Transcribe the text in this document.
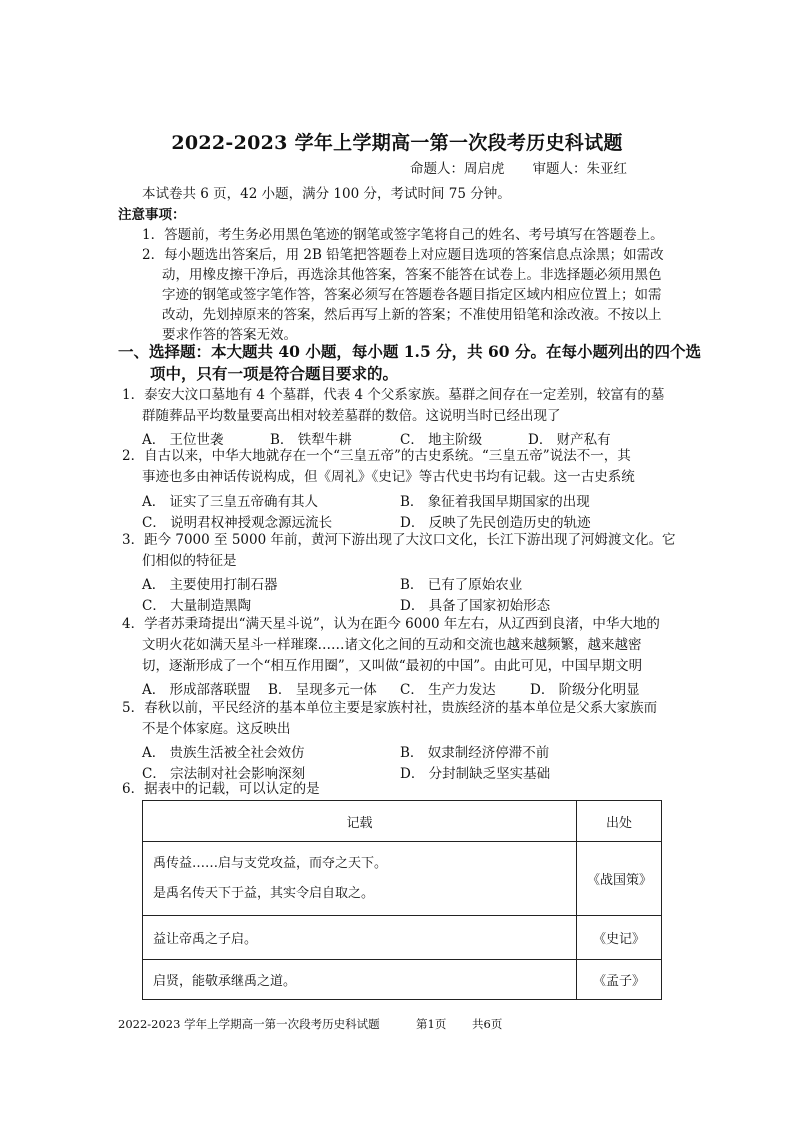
2022-2023 学年上学期高一第一次段考历史科试题
命题人：周启虎 审题人：朱亚红
本试卷共 6 页，42 小题，满分 100 分，考试时间 75 分钟。
注意事项：
1．答题前，考生务必用黑色笔迹的钢笔或签字笔将自己的姓名、考号填写在答题卷上。
2．每小题选出答案后，用 2B 铅笔把答题卷上对应题目选项的答案信息点涂黑；如需改
动，用橡皮擦干净后，再选涂其他答案，答案不能答在试卷上。非选择题必须用黑色
字迹的钢笔或签字笔作答，答案必须写在答题卷各题目指定区域内相应位置上；如需
改动，先划掉原来的答案，然后再写上新的答案；不准使用铅笔和涂改液。不按以上
要求作答的答案无效。
一、选择题：本大题共 40 小题，每小题 1.5 分，共 60 分。在每小题列出的四个选
项中，只有一项是符合题目要求的。
1．泰安大汶口墓地有 4 个墓群，代表 4 个父系家族。墓群之间存在一定差别，较富有的墓
群随葬品平均数量要高出相对较差墓群的数倍。这说明当时已经出现了
A． 王位世袭	B． 铁犁牛耕	C． 地主阶级	D． 财产私有
2．自古以来，中华大地就存在一个“三皇五帝”的古史系统。“三皇五帝”说法不一，其
事迹也多由神话传说构成，但《周礼》《史记》等古代史书均有记载。这一古史系统
A． 证实了三皇五帝确有其人	B． 象征着我国早期国家的出现
C． 说明君权神授观念源远流长	D． 反映了先民创造历史的轨迹
3．距今 7000 至 5000 年前，黄河下游出现了大汶口文化，长江下游出现了河姆渡文化。它
们相似的特征是
A． 主要使用打制石器	B． 已有了原始农业
C． 大量制造黑陶	D． 具备了国家初始形态
4．学者苏秉琦提出“满天星斗说”，认为在距今 6000 年左右，从辽西到良渚，中华大地的
文明火花如满天星斗一样璀璨……诸文化之间的互动和交流也越来越频繁，越来越密
切，逐渐形成了一个“相互作用圈”，又叫做“最初的中国”。由此可见，中国早期文明
A． 形成部落联盟 B． 呈现多元一体 C． 生产力发达	D． 阶级分化明显
5．春秋以前，平民经济的基本单位主要是家族村社，贵族经济的基本单位是父系大家族而
不是个体家庭。这反映出
A． 贵族生活被全社会效仿	B． 奴隶制经济停滞不前
C． 宗法制对社会影响深刻	D． 分封制缺乏坚实基础
6．据表中的记载，可以认定的是
记载	出处

禹传益……启与支党攻益，而夺之天下。
是禹名传天下于益，其实令启自取之。	《战国策》
益让帝禹之子启。	《史记》
启贤，能敬承继禹之道。	《孟子》
2022-2023 学年上学期高一第一次段考历史科试题	第1页 共6页
